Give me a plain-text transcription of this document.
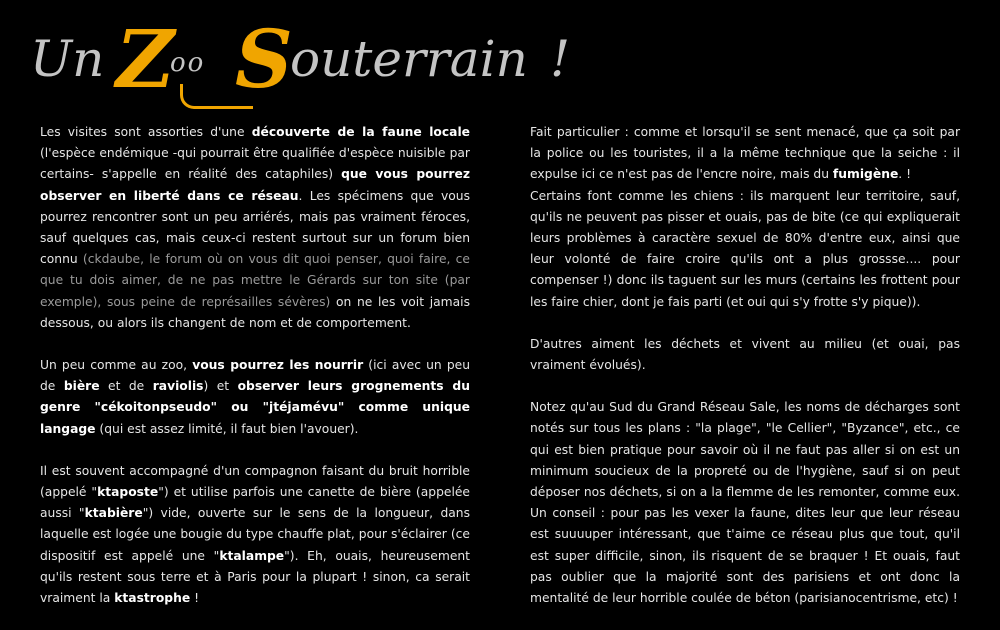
Un Z
oo S
outerrain !

Les visites sont assorties d'une découverte de la faune locale (l'espèce endémique -qui pourrait être qualifiée d'espèce nuisible par certains- s'appelle en réalité des cataphiles) que vous pourrez observer en liberté dans ce réseau. Les spécimens que vous pourrez rencontrer sont un peu arriérés, mais pas vraiment féroces, sauf quelques cas, mais ceux-ci restent surtout sur un forum bien connu (ckdaube, le forum où on vous dit quoi penser, quoi faire, ce que tu dois aimer, de ne pas mettre le Gérards sur ton site (par exemple), sous peine de représailles sévères) on ne les voit jamais dessous, ou alors ils changent de nom et de comportement.

Un peu comme au zoo, vous pourrez les nourrir (ici avec un peu de bière et de raviolis) et observer leurs grognements du genre "cékoitonpseudo" ou "jtéjamévu" comme unique langage (qui est assez limité, il faut bien l'avouer).

Il est souvent accompagné d'un compagnon faisant du bruit horrible (appelé "ktaposte") et utilise parfois une canette de bière (appelée aussi "ktabière") vide, ouverte sur le sens de la longueur, dans laquelle est logée une bougie du type chauffe plat, pour s'éclairer (ce dispositif est appelé une "ktalampe"). Eh, ouais, heureusement qu'ils restent sous terre et à Paris pour la plupart ! sinon, ca serait vraiment la ktastrophe !

Fait particulier : comme et lorsqu'il se sent menacé, que ça soit par la police ou les touristes, il a la même technique que la seiche : il expulse ici ce n'est pas de l'encre noire, mais du fumigène. !

Certains font comme les chiens : ils marquent leur territoire, sauf, qu'ils ne peuvent pas pisser et ouais, pas de bite (ce qui expliquerait leurs problèmes à caractère sexuel de 80% d'entre eux, ainsi que leur volonté de faire croire qu'ils ont a plus grossse.... pour compenser !) donc ils taguent sur les murs (certains les frottent pour les faire chier, dont je fais parti (et oui qui s'y frotte s'y pique)).

D'autres aiment les déchets et vivent au milieu (et ouai, pas vraiment évolués).

Notez qu'au Sud du Grand Réseau Sale, les noms de décharges sont notés sur tous les plans : "la plage", "le Cellier", "Byzance", etc., ce qui est bien pratique pour savoir où il ne faut pas aller si on est un minimum soucieux de la propreté ou de l'hygiène, sauf si on peut déposer nos déchets, si on a la flemme de les remonter, comme eux. Un conseil : pour pas les vexer la faune, dites leur que leur réseau est suuuuper intéressant, que t'aime ce réseau plus que tout, qu'il est super difficile, sinon, ils risquent de se braquer ! Et ouais, faut pas oublier que la majorité sont des parisiens et ont donc la mentalité de leur horrible coulée de béton (parisianocentrisme, etc) !
